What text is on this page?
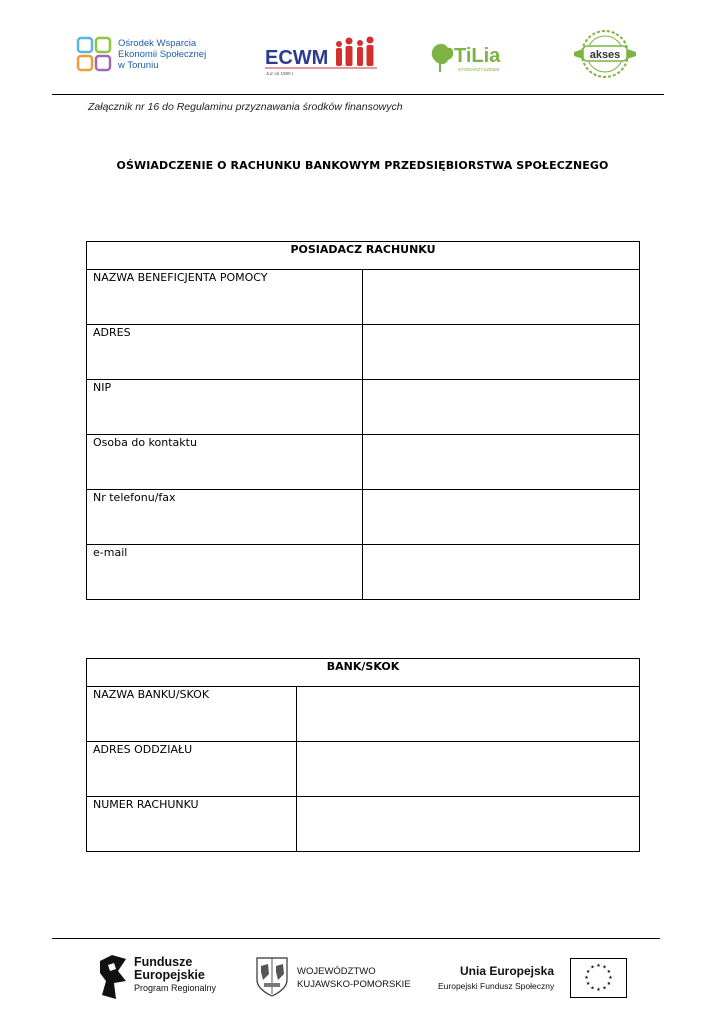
Ośrodek Wsparcia
Ekonomii Społecznej
w Toruniu	ECWM
Już od 1990 r.
TiLia
STOWARZYSZENIE
akses
Załącznik nr 16 do Regulaminu przyznawania środków finansowych
OŚWIADCZENIE O RACHUNKU BANKOWYM PRZEDSIĘBIORSTWA SPOŁECZNEGO
POSIADACZ RACHUNKU	

NAZWA BENEFICJENTA POMOCY	

ADRES	

NIP	

Osoba do kontaktu	

Nr telefonu/fax	

e-mail	

BANK/SKOK	

NAZWA BANKU/SKOK	

ADRES ODDZIAŁU	

NUMER RACHUNKU	

Fundusze
Europejskie
Program Regionalny
WOJEWÓDZTWO
KUJAWSKO-POMORSKIE
Unia Europejska
Europejski Fundusz Społeczny
★ ★
★
★
★
★
★
★
★
★
★
★
